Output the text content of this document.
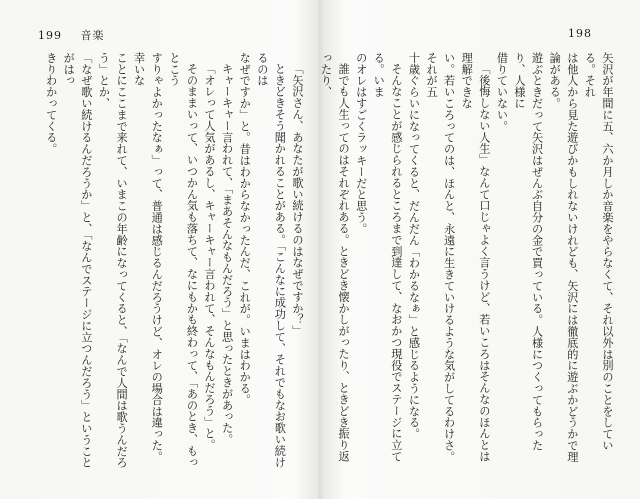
199 音楽

「矢沢さん、あなたが歌い続けるのはなぜですか？」

ときどきそう聞かれることがある。「こんなに成功して、それでもなお歌い続けるのは

なぜですか」と。昔はわからなかったんだ、これが。いまはわかる。

キャーキャー言われて、「まあそんなもんだろう」と思ったときがあった。

「オレって人気があるし、キャーキャー言われて、そんなもんだろう」と。

そのままいって、いつかん気も落ちて、なにもかも終わって、「あのとき、もっとこう

すりゃよかったなぁ」って、普通は感じるんだろうけど、オレの場合は違った。幸いな

ことにここまで来れて、いまこの年齢になってくると、「なんで人間は歌うんだろう」とか、

「なぜ歌い続けるんだろうか」と、「なんでステージに立つんだろう」ということがはっ

きりわかってくる。

198

矢沢が年間に五、六か月しか音楽をやらなくて、それ以外は別のことをしている。それ

は他人から見た遊びかもしれないけれども、矢沢には徹底的に遊ぶかどうかで理論がある。

遊ぶときだって矢沢はぜんぶ自分の金で買っている。人様につくってもらったり、人様に

借りていない。

「後悔しない人生」なんて口じゃよく言うけど、若いころはそんなのほんとは理解できな

い。若いころってのは、ほんと、永遠に生きていけるような気がしてるわけさ。それが五

十歳ぐらいになってくると、だんだん「わかるなぁ」と感じるようになる。

そんなことが感じられるところまで到達して、なおかつ現役でステージに立てる。いま

のオレはすごくラッキーだと思う。

誰でも人生ってのはそれぞれある。ときどき懐かしがったり、ときどき振り返ったり、
